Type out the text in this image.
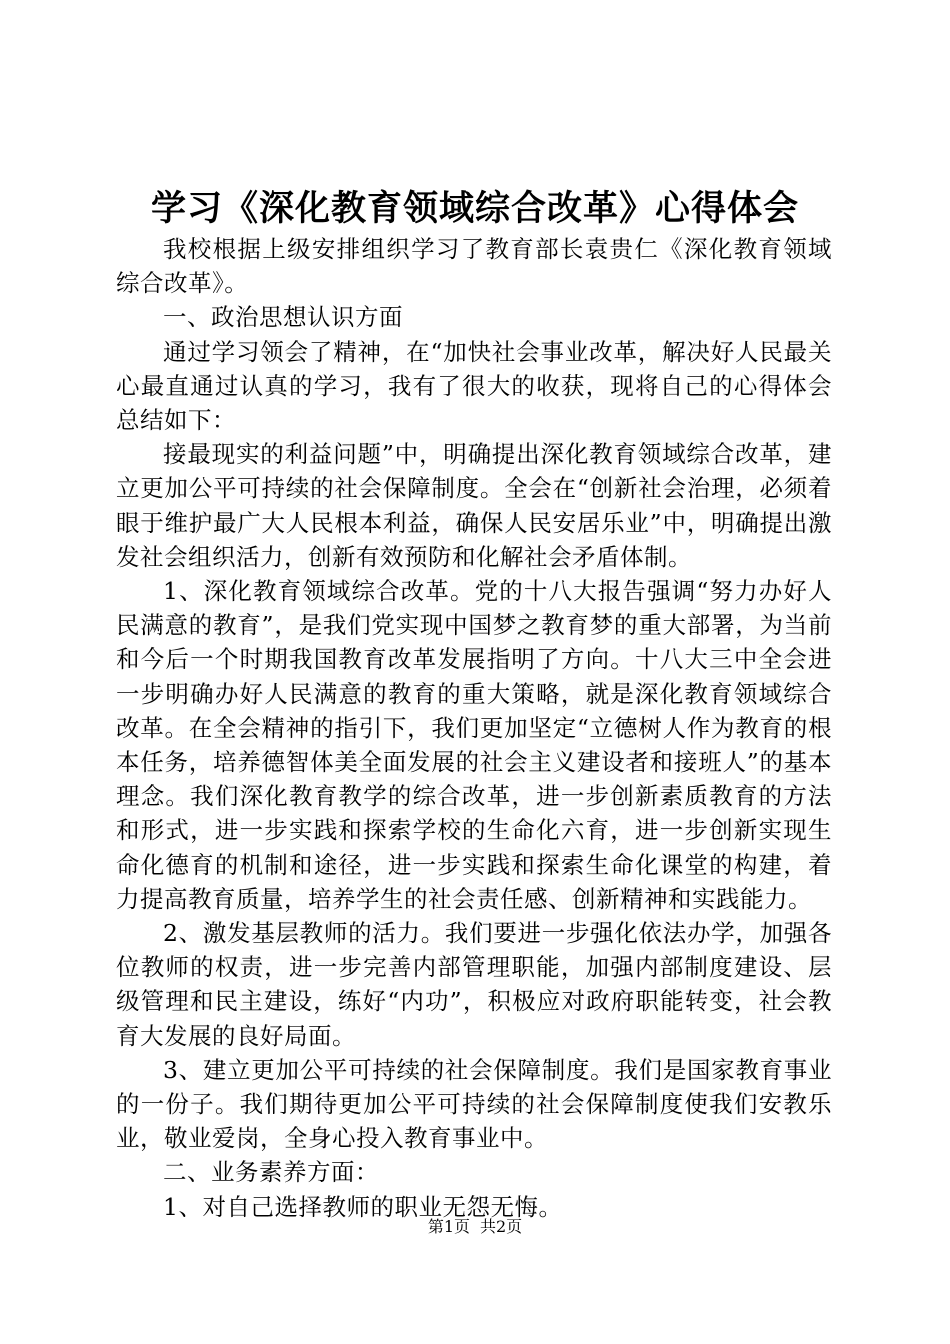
学习《深化教育领域综合改革》心得体会

我校根据上级安排组织学习了教育部长袁贵仁《深化教育领域综合改革》。

一、政治思想认识方面

通过学习领会了精神，在“加快社会事业改革，解决好人民最关心最直通过认真的学习，我有了很大的收获，现将自己的心得体会总结如下：

接最现实的利益问题”中，明确提出深化教育领域综合改革，建立更加公平可持续的社会保障制度。全会在“创新社会治理，必须着眼于维护最广大人民根本利益，确保人民安居乐业”中，明确提出激发社会组织活力，创新有效预防和化解社会矛盾体制。

1、深化教育领域综合改革。党的十八大报告强调“努力办好人民满意的教育”，是我们党实现中国梦之教育梦的重大部署，为当前和今后一个时期我国教育改革发展指明了方向。十八大三中全会进一步明确办好人民满意的教育的重大策略，就是深化教育领域综合改革。在全会精神的指引下，我们更加坚定“立德树人作为教育的根本任务，培养德智体美全面发展的社会主义建设者和接班人”的基本理念。我们深化教育教学的综合改革，进一步创新素质教育的方法和形式，进一步实践和探索学校的生命化六育，进一步创新实现生命化德育的机制和途径，进一步实践和探索生命化课堂的构建，着力提高教育质量，培养学生的社会责任感、创新精神和实践能力。

2、激发基层教师的活力。我们要进一步强化依法办学，加强各位教师的权责，进一步完善内部管理职能，加强内部制度建设、层级管理和民主建设，练好“内功”，积极应对政府职能转变，社会教育大发展的良好局面。

3、建立更加公平可持续的社会保障制度。我们是国家教育事业的一份子。我们期待更加公平可持续的社会保障制度使我们安教乐业，敬业爱岗，全身心投入教育事业中。

二、业务素养方面：

1、对自己选择教师的职业无怨无悔。

第1页 共2页
